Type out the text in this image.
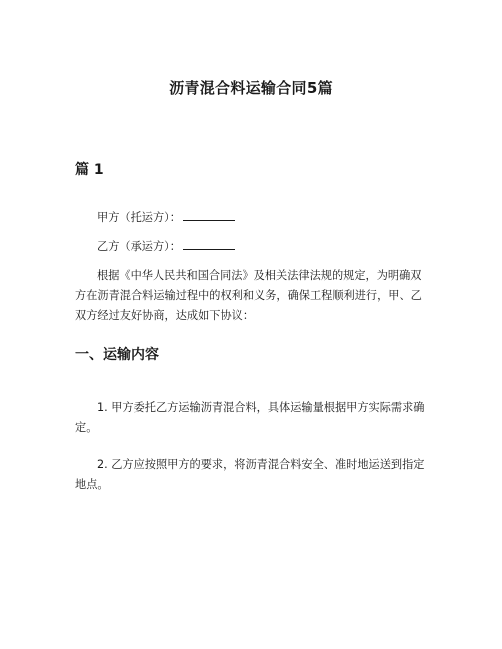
沥青混合料运输合同5篇
篇 1

甲方（托运方）：

乙方（承运方）：

根据《中华人民共和国合同法》及相关法律法规的规定，为明确双方在沥青混合料运输过程中的权利和义务，确保工程顺利进行，甲、乙双方经过友好协商，达成如下协议：

一、运输内容

1. 甲方委托乙方运输沥青混合料，具体运输量根据甲方实际需求确定。

2. 乙方应按照甲方的要求，将沥青混合料安全、准时地运送到指定地点。
